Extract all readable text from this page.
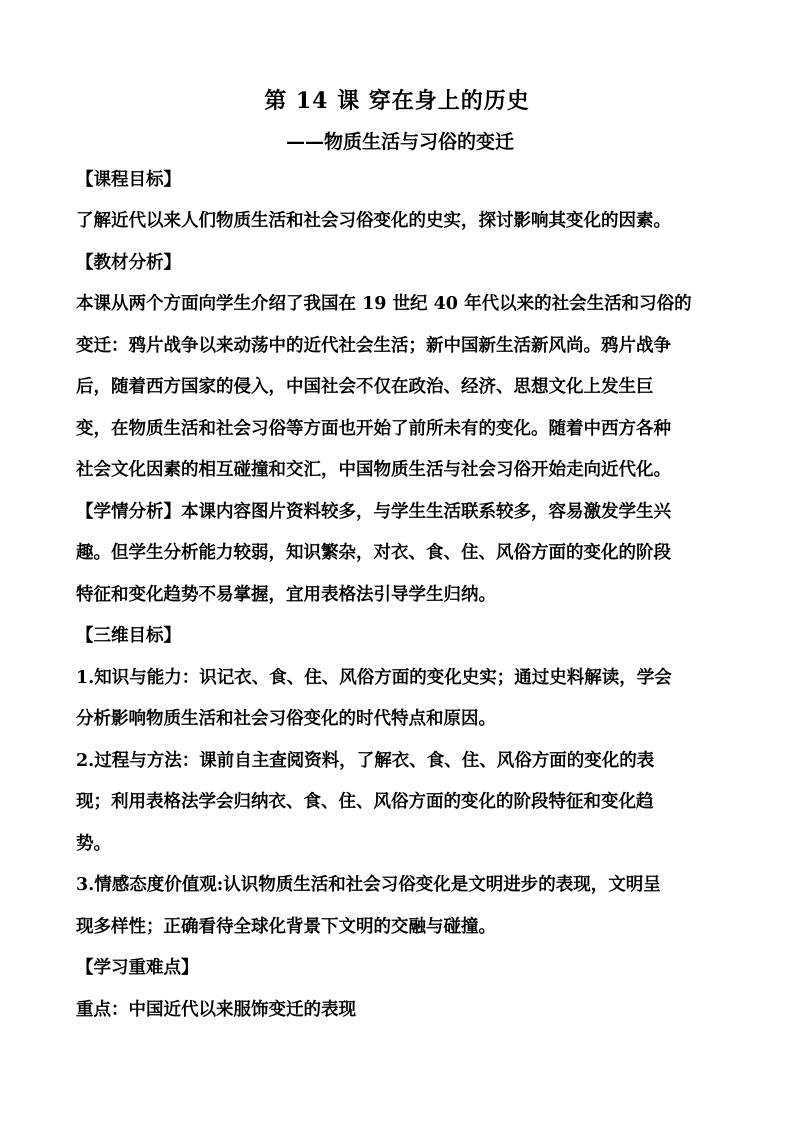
第 14 课 穿在身上的历史
——物质生活与习俗的变迁
【课程目标】
了解近代以来人们物质生活和社会习俗变化的史实，探讨影响其变化的因素。
【教材分析】
本课从两个方面向学生介绍了我国在 19 世纪 40 年代以来的社会生活和习俗的
变迁：鸦片战争以来动荡中的近代社会生活；新中国新生活新风尚。鸦片战争
后，随着西方国家的侵入，中国社会不仅在政治、经济、思想文化上发生巨
变，在物质生活和社会习俗等方面也开始了前所未有的变化。随着中西方各种
社会文化因素的相互碰撞和交汇，中国物质生活与社会习俗开始走向近代化。
【学情分析】本课内容图片资料较多，与学生生活联系较多，容易激发学生兴
趣。但学生分析能力较弱，知识繁杂，对衣、食、住、风俗方面的变化的阶段
特征和变化趋势不易掌握，宜用表格法引导学生归纳。
【三维目标】
1.知识与能力：识记衣、食、住、风俗方面的变化史实；通过史料解读，学会
分析影响物质生活和社会习俗变化的时代特点和原因。
2.过程与方法：课前自主查阅资料，了解衣、食、住、风俗方面的变化的表
现；利用表格法学会归纳衣、食、住、风俗方面的变化的阶段特征和变化趋
势。
3.情感态度价值观:认识物质生活和社会习俗变化是文明进步的表现，文明呈
现多样性；正确看待全球化背景下文明的交融与碰撞。
【学习重难点】
重点：中国近代以来服饰变迁的表现
